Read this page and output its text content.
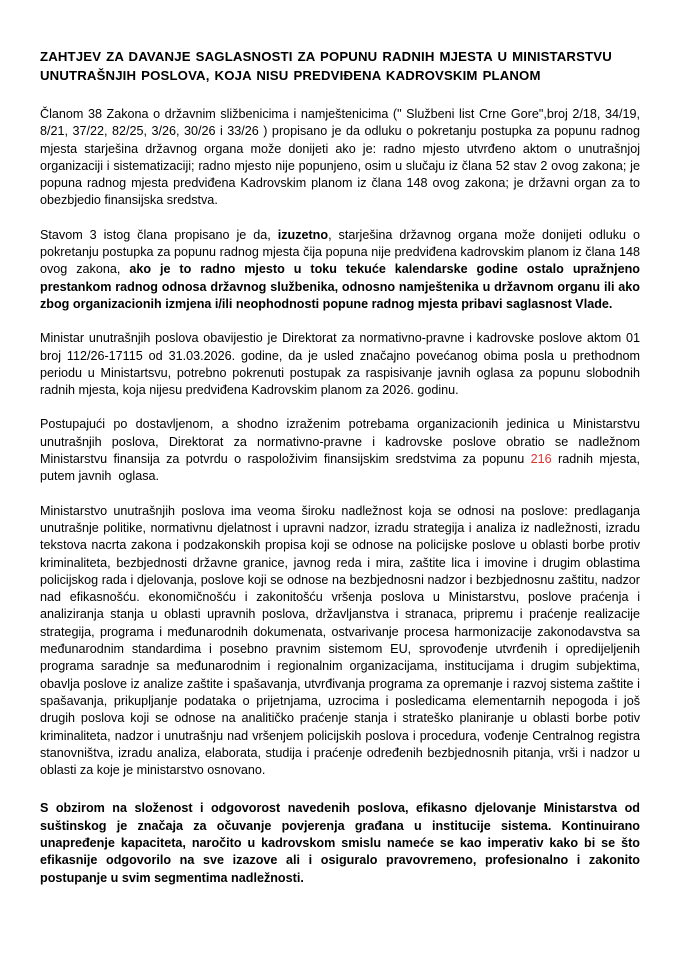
ZAHTJEV ZA DAVANJE SAGLASNOSTI ZA POPUNU RADNIH MJESTA U MINISTARSTVU UNUTRAŠNJIH POSLOVA, KOJA NISU PREDVIĐENA KADROVSKIM PLANOM

Članom 38 Zakona o državnim sližbenicima i namještenicima (" Službeni list Crne Gore",broj 2/18, 34/19, 8/21, 37/22, 82/25, 3/26, 30/26 i 33/26 ) propisano je da odluku o pokretanju postupka za popunu radnog mjesta starješina državnog organa može donijeti ako je: radno mjesto utvrđeno aktom o unutrašnjoj organizaciji i sistematizaciji; radno mjesto nije popunjeno, osim u slučaju iz člana 52 stav 2 ovog zakona; je popuna radnog mjesta predviđena Kadrovskim planom iz člana 148 ovog zakona; je državni organ za to obezbjedio finansijska sredstva.

Stavom 3 istog člana propisano je da, izuzetno, starješina državnog organa može donijeti odluku o pokretanju postupka za popunu radnog mjesta čija popuna nije predviđena kadrovskim planom iz člana 148 ovog zakona, ako je to radno mjesto u toku tekuće kalendarske godine ostalo upražnjeno prestankom radnog odnosa državnog službenika, odnosno namještenika u državnom organu ili ako zbog organizacionih izmjena i/ili neophodnosti popune radnog mjesta pribavi saglasnost Vlade.

Ministar unutrašnjih poslova obavijestio je Direktorat za normativno-pravne i kadrovske poslove aktom 01 broj 112/26-17115 od 31.03.2026. godine, da je usled značajno povećanog obima posla u prethodnom periodu u Ministartsvu, potrebno pokrenuti postupak za raspisivanje javnih oglasa za popunu slobodnih radnih mjesta, koja nijesu predviđena Kadrovskim planom za 2026. godinu.

Postupajući po dostavljenom, a shodno izraženim potrebama organizacionih jedinica u Ministarstvu unutrašnjih poslova, Direktorat za normativno-pravne i kadrovske poslove obratio se nadležnom Ministarstvu finansija za potvrdu o raspoloživim finansijskim sredstvima za popunu 216 radnih mjesta,  putem javnih  oglasa.

Ministarstvo unutrašnjih poslova ima veoma široku nadležnost koja se odnosi na poslove: predlaganja unutrašnje politike, normativnu djelatnost i upravni nadzor, izradu strategija i analiza iz nadležnosti, izradu tekstova nacrta zakona i podzakonskih propisa koji se odnose na policijske poslove u oblasti borbe protiv kriminaliteta, bezbjednosti državne granice, javnog reda i mira, zaštite lica i imovine i drugim oblastima policijskog rada i djelovanja, poslove koji se odnose na bezbjednosni nadzor i bezbjednosnu zaštitu, nadzor nad efikasnošću. ekonomičnošću i zakonitošću vršenja poslova u Ministarstvu, poslove praćenja i analiziranja stanja u oblasti upravnih poslova, državljanstva i stranaca, pripremu i praćenje realizacije strategija, programa i međunarodnih dokumenata, ostvarivanje procesa harmonizacije zakonodavstva sa međunarodnim standardima i posebno pravnim sistemom EU, sprovođenje utvrđenih i opredijeljenih programa saradnje sa međunarodnim i regionalnim organizacijama, institucijama i drugim subjektima, obavlja poslove iz analize zaštite i spašavanja, utvrđivanja programa za opremanje i razvoj sistema zaštite i spašavanja, prikupljanje podataka o prijetnjama, uzrocima i posledicama elementarnih nepogoda i još drugih poslova koji se odnose na analitičko praćenje stanja i strateško planiranje u oblasti borbe potiv kriminaliteta, nadzor i unutrašnju nad vršenjem policijskih poslova i procedura, vođenje Centralnog registra stanovništva, izradu analiza, elaborata, studija i praćenje određenih bezbjednosnih pitanja, vrši i nadzor u oblasti za koje je ministarstvo osnovano.

S obzirom na složenost i odgovorost navedenih poslova, efikasno djelovanje Ministarstva od suštinskog je značaja za očuvanje povjerenja građana u institucije sistema. Kontinuirano unapređenje kapaciteta, naročito u kadrovskom smislu nameće se kao imperativ kako bi se što efikasnije odgovorilo na sve izazove ali i osiguralo pravovremeno, profesionalno i zakonito postupanje u svim segmentima nadležnosti.
